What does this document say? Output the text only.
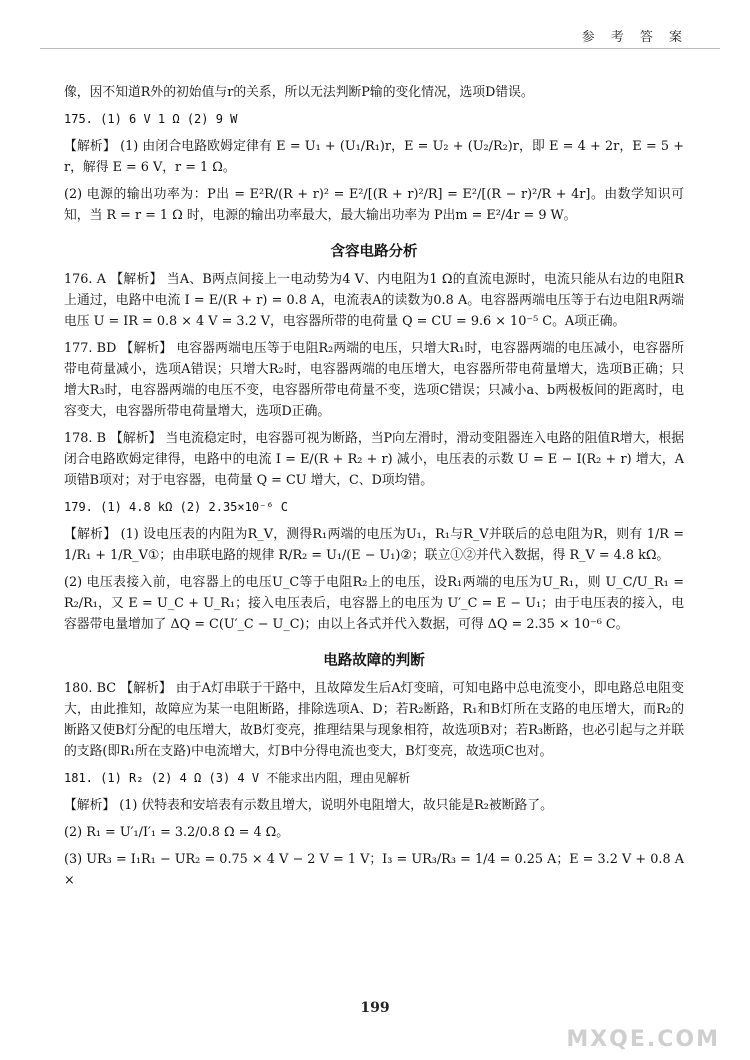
参 考 答 案

像，因不知道R外的初始值与r的关系，所以无法判断P输的变化情况，选项D错误。

175. (1) 6 V 1 Ω (2) 9 W

【解析】 (1) 由闭合电路欧姆定律有 E = U₁ + (U₁/R₁)r，E = U₂ + (U₂/R₂)r，即 E = 4 + 2r，E = 5 + r，解得 E = 6 V，r = 1 Ω。

(2) 电源的输出功率为：P出 = E²R/(R + r)² = E²/[(R + r)²/R] = E²/[(R − r)²/R + 4r]。由数学知识可知，当 R = r = 1 Ω 时，电源的输出功率最大，最大输出功率为 P出m = E²/4r = 9 W。

含容电路分析

176. A 【解析】 当A、B两点间接上一电动势为4 V、内电阻为1 Ω的直流电源时，电流只能从右边的电阻R上通过，电路中电流 I = E/(R + r) = 0.8 A，电流表A的读数为0.8 A。电容器两端电压等于右边电阻R两端电压 U = IR = 0.8 × 4 V = 3.2 V，电容器所带的电荷量 Q = CU = 9.6 × 10⁻⁵ C。A项正确。

177. BD 【解析】 电容器两端电压等于电阻R₂两端的电压，只增大R₁时，电容器两端的电压减小，电容器所带电荷量减小，选项A错误；只增大R₂时，电容器两端的电压增大，电容器所带电荷量增大，选项B正确；只增大R₃时，电容器两端的电压不变，电容器所带电荷量不变，选项C错误；只减小a、b两极板间的距离时，电容变大，电容器所带电荷量增大，选项D正确。

178. B 【解析】 当电流稳定时，电容器可视为断路，当P向左滑时，滑动变阻器连入电路的阻值R增大，根据闭合电路欧姆定律得，电路中的电流 I = E/(R + R₂ + r) 减小，电压表的示数 U = E − I(R₂ + r) 增大，A项错B项对；对于电容器，电荷量 Q = CU 增大，C、D项均错。

179. (1) 4.8 kΩ (2) 2.35×10⁻⁶ C

【解析】 (1) 设电压表的内阻为R_V，测得R₁两端的电压为U₁，R₁与R_V并联后的总电阻为R，则有 1/R = 1/R₁ + 1/R_V①；由串联电路的规律 R/R₂ = U₁/(E − U₁)②；联立①②并代入数据，得 R_V = 4.8 kΩ。

(2) 电压表接入前，电容器上的电压U_C等于电阻R₂上的电压，设R₁两端的电压为U_R₁，则 U_C/U_R₁ = R₂/R₁，又 E = U_C + U_R₁；接入电压表后，电容器上的电压为 U′_C = E − U₁；由于电压表的接入，电容器带电量增加了 ΔQ = C(U′_C − U_C)；由以上各式并代入数据，可得 ΔQ = 2.35 × 10⁻⁶ C。

电路故障的判断

180. BC 【解析】 由于A灯串联于干路中，且故障发生后A灯变暗，可知电路中总电流变小，即电路总电阻变大，由此推知，故障应为某一电阻断路，排除选项A、D；若R₂断路，R₁和B灯所在支路的电压增大，而R₂的断路又使B灯分配的电压增大，故B灯变亮，推理结果与现象相符，故选项B对；若R₃断路，也必引起与之并联的支路(即R₁所在支路)中电流增大，灯B中分得电流也变大，B灯变亮，故选项C也对。

181. (1) R₂ (2) 4 Ω (3) 4 V 不能求出内阻，理由见解析

【解析】 (1) 伏特表和安培表有示数且增大，说明外电阻增大，故只能是R₂被断路了。

(2) R₁ = U′₁/I′₁ = 3.2/0.8 Ω = 4 Ω。

(3) UR₃ = I₁R₁ − UR₂ = 0.75 × 4 V − 2 V = 1 V；I₃ = UR₃/R₃ = 1/4 = 0.25 A；E = 3.2 V + 0.8 A ×

199
MXQE.COM
